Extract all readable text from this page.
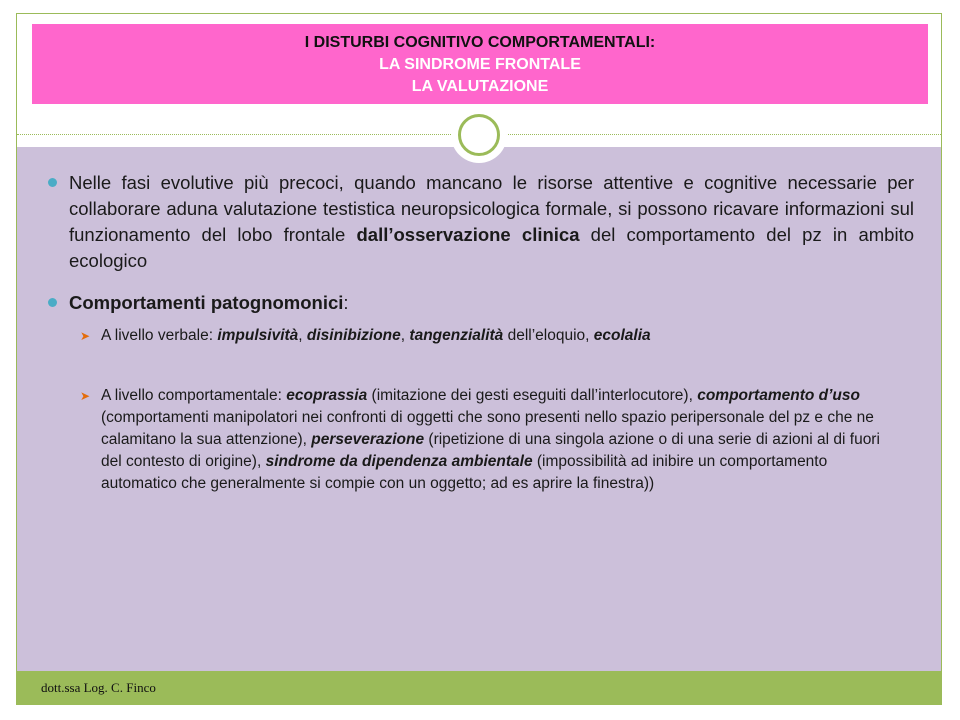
I DISTURBI COGNITIVO COMPORTAMENTALI:
LA SINDROME FRONTALE
LA VALUTAZIONE
Nelle fasi evolutive più precoci, quando mancano le risorse attentive e cognitive necessarie per collaborare aduna valutazione testistica neuropsicologica formale, si possono ricavare informazioni sul funzionamento del lobo frontale dall’osservazione clinica del comportamento del pz in ambito ecologico
Comportamenti patognomonici:
➤ A livello verbale: impulsività, disinibizione, tangenzialità dell’eloquio, ecolalia
➤ A livello comportamentale: ecoprassia (imitazione dei gesti eseguiti dall’interlocutore), comportamento d’uso (comportamenti manipolatori nei confronti di oggetti che sono presenti nello spazio peripersonale del pz e che ne calamitano la sua attenzione), perseverazione (ripetizione di una singola azione o di una serie di azioni al di fuori del contesto di origine), sindrome da dipendenza ambientale (impossibilità ad inibire un comportamento automatico che generalmente si compie con un oggetto; ad es aprire la finestra))
dott.ssa Log. C. Finco
